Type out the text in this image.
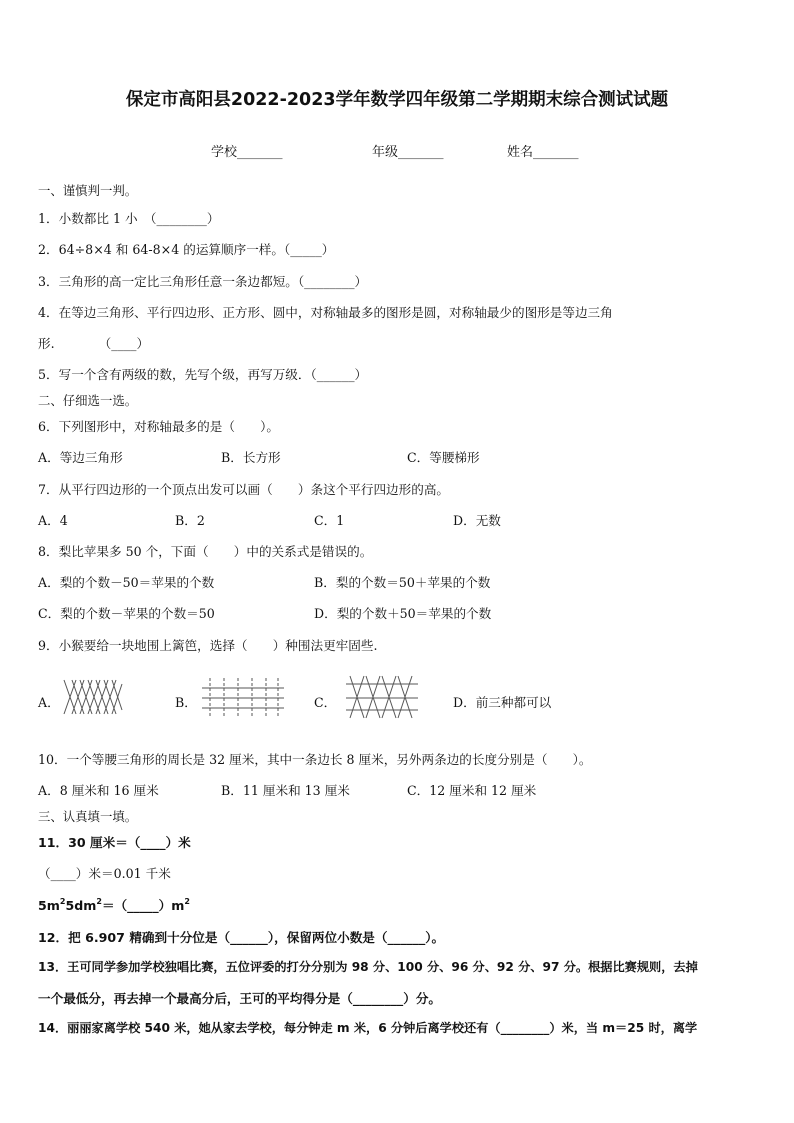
保定市高阳县2022-2023学年数学四年级第二学期期末综合测试试题
学校_______	年级_______	姓名_______
一、谨慎判一判。
1．小数都比 1 小　（________）
2．64÷8×4 和 64-8×4 的运算顺序一样。（_____）
3．三角形的高一定比三角形任意一条边都短。（________）
4．在等边三角形、平行四边形、正方形、圆中，对称轴最多的图形是圆，对称轴最少的图形是等边三角
形.　　　　（____）
5．写一个含有两级的数，先写个级，再写万级．（______）
二、仔细选一选。
6．下列图形中，对称轴最多的是（　　）。
A．等边三角形	B．长方形	C．等腰梯形
7．从平行四边形的一个顶点出发可以画（　　）条这个平行四边形的高。
A．4	B．2	C．1	D．无数
8．梨比苹果多 50 个，下面（　　）中的关系式是错误的。
A．梨的个数－50＝苹果的个数	B．梨的个数＝50＋苹果的个数
C．梨的个数－苹果的个数＝50	D．梨的个数＋50＝苹果的个数
9．小猴要给一块地围上篱笆，选择（　　）种围法更牢固些.
A．	B．	C．	D．前三种都可以
10．一个等腰三角形的周长是 32 厘米，其中一条边长 8 厘米，另外两条边的长度分别是（　　）。
A．8 厘米和 16 厘米	B．11 厘米和 13 厘米	C．12 厘米和 12 厘米
三、认真填一填。
11．30 厘米＝（____）米
（____）米＝0.01 千米
$5m^25dm^2=(\_\_\_\_\_)m^2$
12．把 6.907 精确到十分位是（______），保留两位小数是（______）。
13．王可同学参加学校独唱比赛，五位评委的打分分别为 98 分、100 分、96 分、92 分、97 分。根据比赛规则，去掉
一个最低分，再去掉一个最高分后，王可的平均得分是（________）分。
14．丽丽家离学校 540 米，她从家去学校，每分钟走 m 米，6 分钟后离学校还有（________）米，当 m＝25 时，离学
